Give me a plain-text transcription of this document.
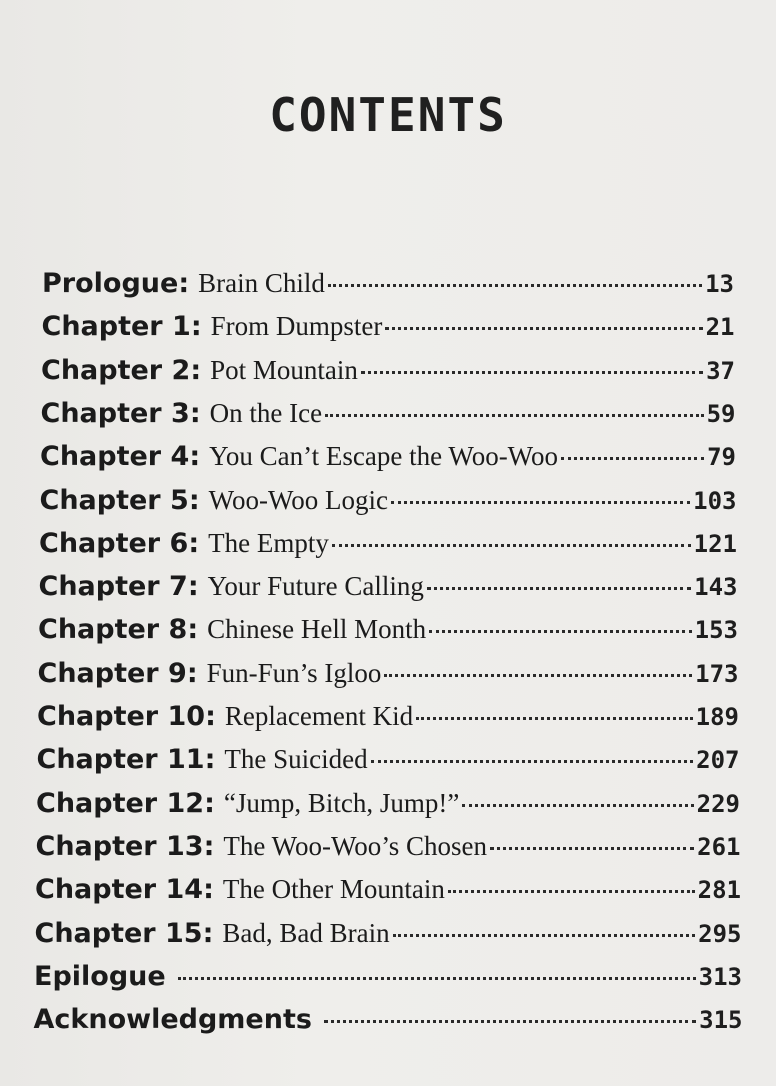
CONTENTS
Prologue : Brain Child	13
Chapter 1 : From Dumpster	21
Chapter 2 : Pot Mountain	37
Chapter 3 : On the Ice	59
Chapter 4 : You Can’t Escape the Woo-Woo	79
Chapter 5 : Woo-Woo Logic	103
Chapter 6 : The Empty	121
Chapter 7 : Your Future Calling	143
Chapter 8 : Chinese Hell Month	153
Chapter 9 : Fun-Fun’s Igloo	173
Chapter 10 : Replacement Kid	189
Chapter 11 : The Suicided	207
Chapter 12 : “Jump, Bitch, Jump!”	229
Chapter 13 : The Woo-Woo’s Chosen	261
Chapter 14 : The Other Mountain	281
Chapter 15 : Bad, Bad Brain	295
Epilogue	313
Acknowledgments	315
